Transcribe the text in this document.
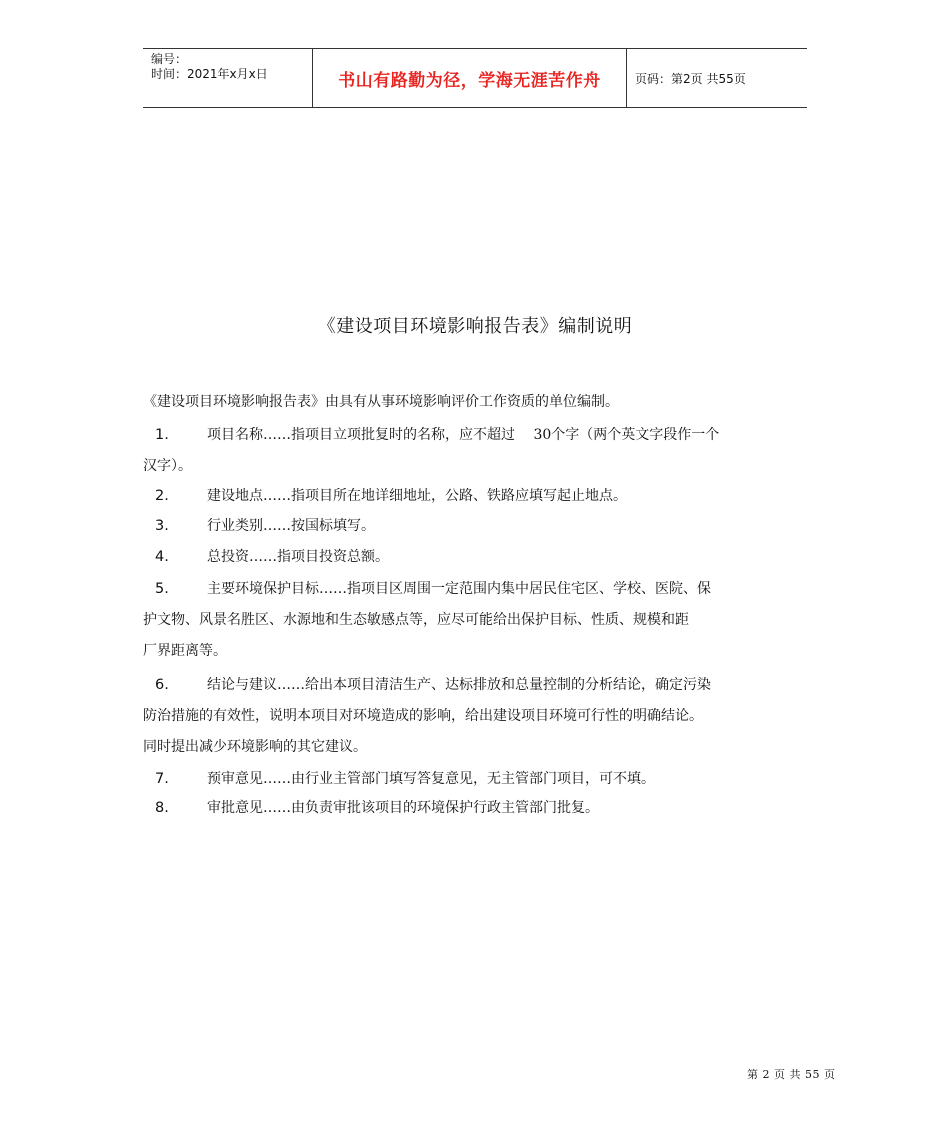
编号：
时间：2021年x月x日	书山有路勤为径，学海无涯苦作舟	页码：第2页 共55页
《建设项目环境影响报告表》编制说明
《建设项目环境影响报告表》由具有从事环境影响评价工作资质的单位编制。
1.	项目名称……指项目立项批复时的名称，应不超过　 30个字（两个英文字段作一个
汉字）。
2.	建设地点……指项目所在地详细地址，公路、铁路应填写起止地点。
3.	行业类别……按国标填写。
4.	总投资……指项目投资总额。
5.	主要环境保护目标……指项目区周围一定范围内集中居民住宅区、学校、医院、保
护文物、风景名胜区、水源地和生态敏感点等，应尽可能给出保护目标、性质、规模和距
厂界距离等。
6.	结论与建议……给出本项目清洁生产、达标排放和总量控制的分析结论，确定污染
防治措施的有效性，说明本项目对环境造成的影响，给出建设项目环境可行性的明确结论。
同时提出减少环境影响的其它建议。
7.	预审意见……由行业主管部门填写答复意见，无主管部门项目，可不填。
8.	审批意见……由负责审批该项目的环境保护行政主管部门批复。
第 2 页 共 55 页
